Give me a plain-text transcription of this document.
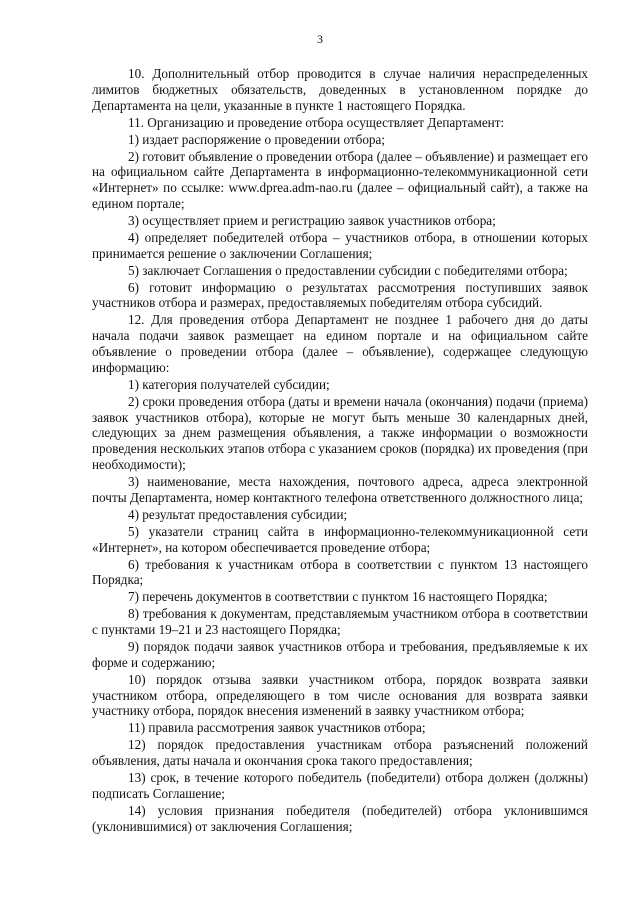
3

10. Дополнительный отбор проводится в случае наличия нераспределенных лимитов бюджетных обязательств, доведенных в установленном порядке до Департамента на цели, указанные в пункте 1 настоящего Порядка.

11. Организацию и проведение отбора осуществляет Департамент:

1) издает распоряжение о проведении отбора;

2) готовит объявление о проведении отбора (далее – объявление) и размещает его на официальном сайте Департамента в информационно-телекоммуникационной сети «Интернет» по ссылке: www.dprea.adm-nao.ru (далее – официальный сайт), а также на едином портале;

3) осуществляет прием и регистрацию заявок участников отбора;

4) определяет победителей отбора – участников отбора, в отношении которых принимается решение о заключении Соглашения;

5) заключает Соглашения о предоставлении субсидии с победителями отбора;

6) готовит информацию о результатах рассмотрения поступивших заявок участников отбора и размерах, предоставляемых победителям отбора субсидий.

12. Для проведения отбора Департамент не позднее 1 рабочего дня до даты начала подачи заявок размещает на едином портале и на официальном сайте объявление о проведении отбора (далее – объявление), содержащее следующую информацию:

1) категория получателей субсидии;

2) сроки проведения отбора (даты и времени начала (окончания) подачи (приема) заявок участников отбора), которые не могут быть меньше 30 календарных дней, следующих за днем размещения объявления, а также информации о возможности проведения нескольких этапов отбора с указанием сроков (порядка) их проведения (при необходимости);

3) наименование, места нахождения, почтового адреса, адреса электронной почты Департамента, номер контактного телефона ответственного должностного лица;

4) результат предоставления субсидии;

5) указатели страниц сайта в информационно-телекоммуникационной сети «Интернет», на котором обеспечивается проведение отбора;

6) требования к участникам отбора в соответствии с пунктом 13 настоящего Порядка;

7) перечень документов в соответствии с пунктом 16 настоящего Порядка;

8) требования к документам, представляемым участником отбора в соответствии с пунктами 19–21 и 23 настоящего Порядка;

9) порядок подачи заявок участников отбора и требования, предъявляемые к их форме и содержанию;

10) порядок отзыва заявки участником отбора, порядок возврата заявки участником отбора, определяющего в том числе основания для возврата заявки участнику отбора, порядок внесения изменений в заявку участником отбора;

11) правила рассмотрения заявок участников отбора;

12) порядок предоставления участникам отбора разъяснений положений объявления, даты начала и окончания срока такого предоставления;

13) срок, в течение которого победитель (победители) отбора должен (должны) подписать Соглашение;

14) условия признания победителя (победителей) отбора уклонившимся (уклонившимися) от заключения Соглашения;
